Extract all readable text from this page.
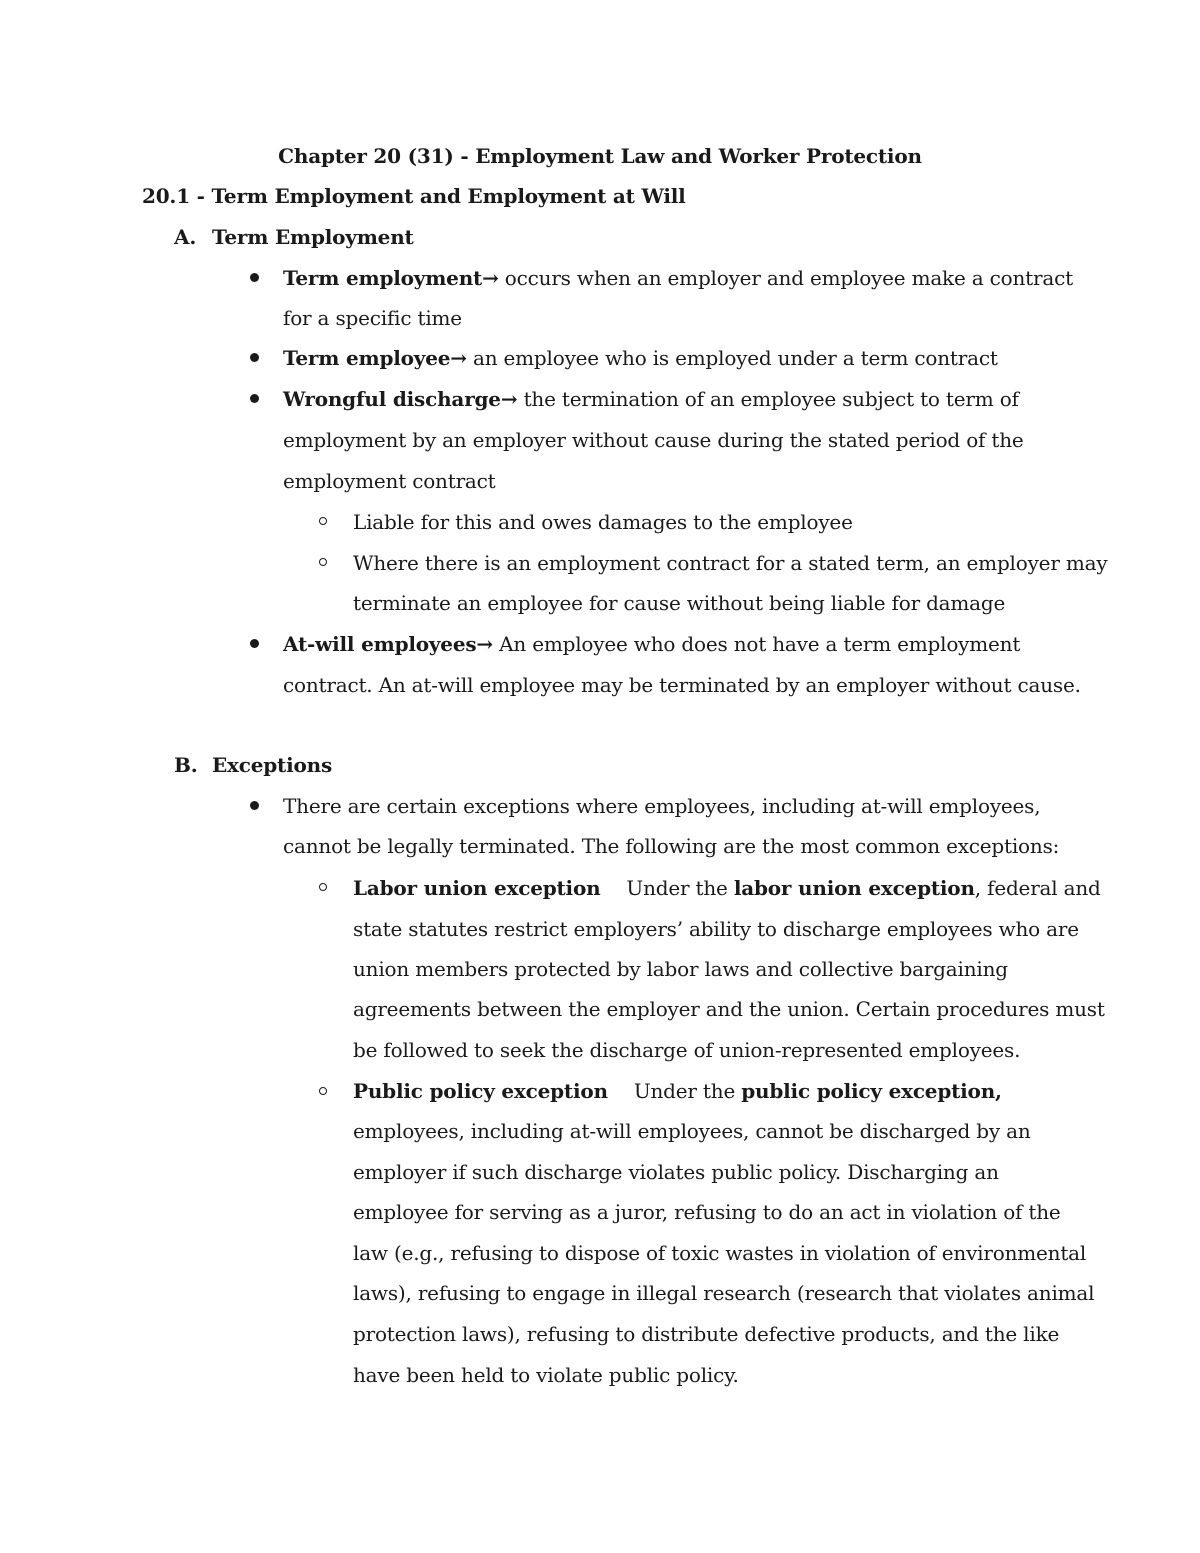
Chapter 20 (31) - Employment Law and Worker Protection
20.1 - Term Employment and Employment at Will
A. Term Employment
Term employment→ occurs when an employer and employee make a contract
for a specific time
Term employee→ an employee who is employed under a term contract
Wrongful discharge→ the termination of an employee subject to term of
employment by an employer without cause during the stated period of the
employment contract
Liable for this and owes damages to the employee
Where there is an employment contract for a stated term, an employer may
terminate an employee for cause without being liable for damage
At-will employees→ An employee who does not have a term employment
contract. An at-will employee may be terminated by an employer without cause.
B. Exceptions
There are certain exceptions where employees, including at-will employees,
cannot be legally terminated. The following are the most common exceptions:
Labor union exception Under the labor union exception, federal and
state statutes restrict employers’ ability to discharge employees who are
union members protected by labor laws and collective bargaining
agreements between the employer and the union. Certain procedures must
be followed to seek the discharge of union-represented employees.
Public policy exception Under the public policy exception,
employees, including at-will employees, cannot be discharged by an
employer if such discharge violates public policy. Discharging an
employee for serving as a juror, refusing to do an act in violation of the
law (e.g., refusing to dispose of toxic wastes in violation of environmental
laws), refusing to engage in illegal research (research that violates animal
protection laws), refusing to distribute defective products, and the like
have been held to violate public policy.
